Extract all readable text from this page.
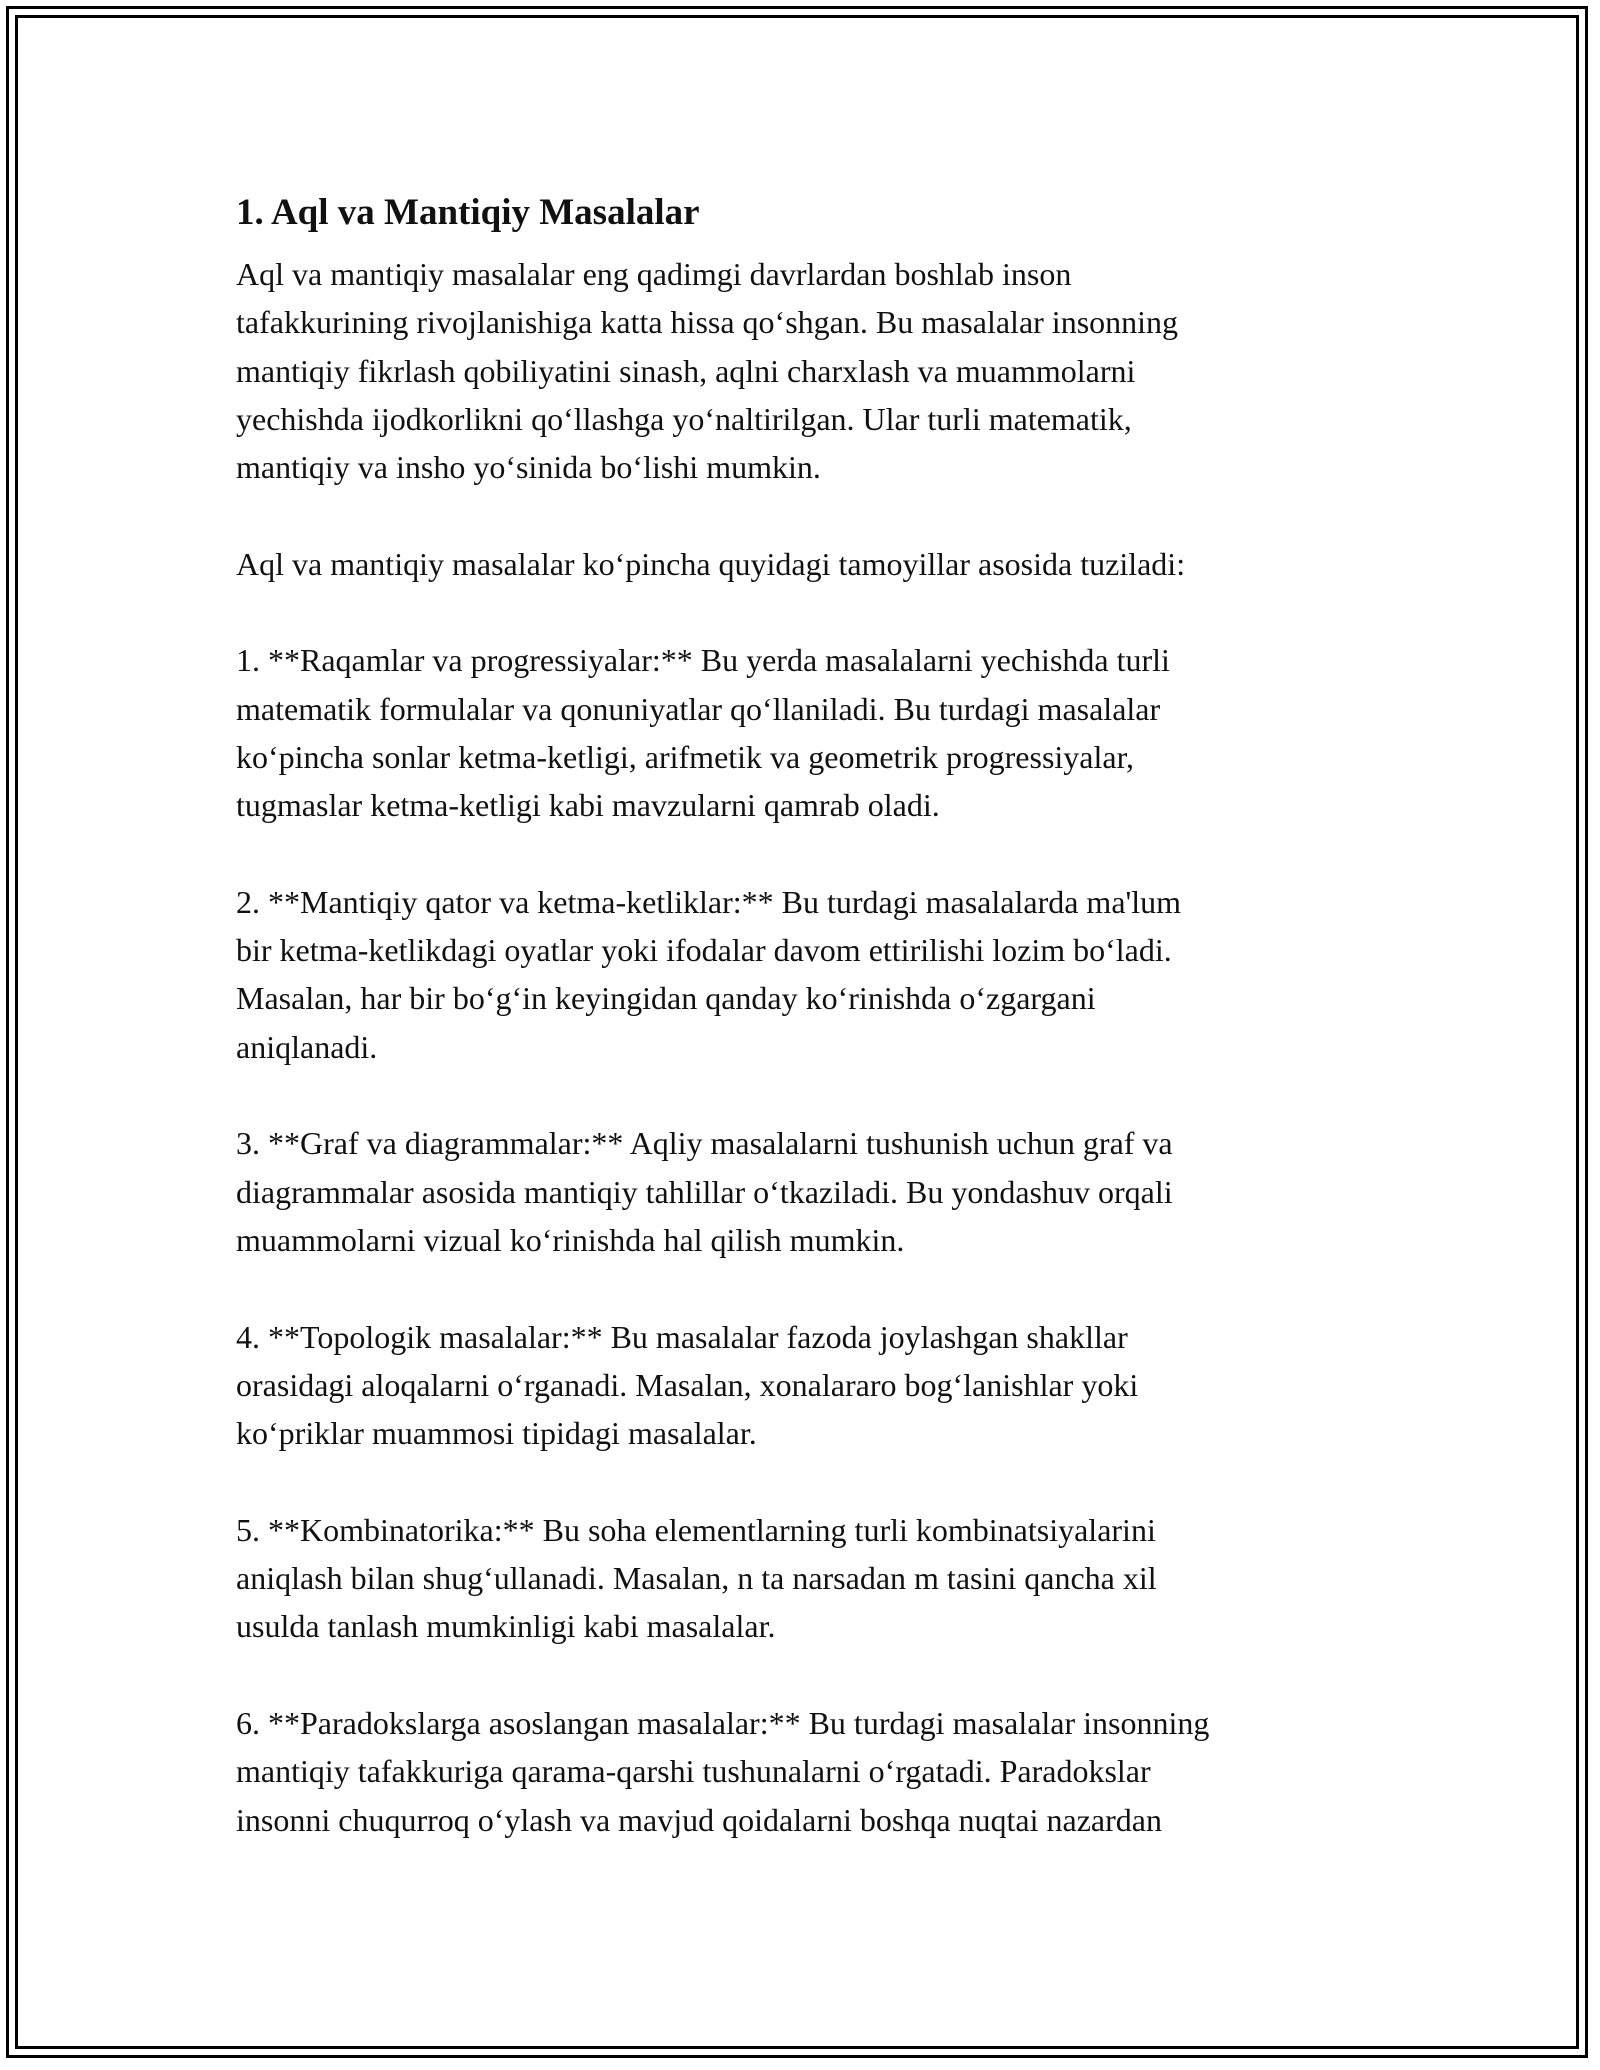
1. Aql va Mantiqiy Masalalar
Aql va mantiqiy masalalar eng qadimgi davrlardan boshlab inson
tafakkurining rivojlanishiga katta hissa qo‘shgan. Bu masalalar insonning
mantiqiy fikrlash qobiliyatini sinash, aqlni charxlash va muammolarni
yechishda ijodkorlikni qo‘llashga yo‘naltirilgan. Ular turli matematik,
mantiqiy va insho yo‘sinida bo‘lishi mumkin.
Aql va mantiqiy masalalar ko‘pincha quyidagi tamoyillar asosida tuziladi:
1. **Raqamlar va progressiyalar:** Bu yerda masalalarni yechishda turli
matematik formulalar va qonuniyatlar qo‘llaniladi. Bu turdagi masalalar
ko‘pincha sonlar ketma-ketligi, arifmetik va geometrik progressiyalar,
tugmaslar ketma-ketligi kabi mavzularni qamrab oladi.
2. **Mantiqiy qator va ketma-ketliklar:** Bu turdagi masalalarda ma'lum
bir ketma-ketlikdagi oyatlar yoki ifodalar davom ettirilishi lozim bo‘ladi.
Masalan, har bir bo‘g‘in keyingidan qanday ko‘rinishda o‘zgargani
aniqlanadi.
3. **Graf va diagrammalar:** Aqliy masalalarni tushunish uchun graf va
diagrammalar asosida mantiqiy tahlillar o‘tkaziladi. Bu yondashuv orqali
muammolarni vizual ko‘rinishda hal qilish mumkin.
4. **Topologik masalalar:** Bu masalalar fazoda joylashgan shakllar
orasidagi aloqalarni o‘rganadi. Masalan, xonalararo bog‘lanishlar yoki
ko‘priklar muammosi tipidagi masalalar.
5. **Kombinatorika:** Bu soha elementlarning turli kombinatsiyalarini
aniqlash bilan shug‘ullanadi. Masalan, n ta narsadan m tasini qancha xil
usulda tanlash mumkinligi kabi masalalar.
6. **Paradokslarga asoslangan masalalar:** Bu turdagi masalalar insonning
mantiqiy tafakkuriga qarama-qarshi tushunalarni o‘rgatadi. Paradokslar
insonni chuqurroq o‘ylash va mavjud qoidalarni boshqa nuqtai nazardan
